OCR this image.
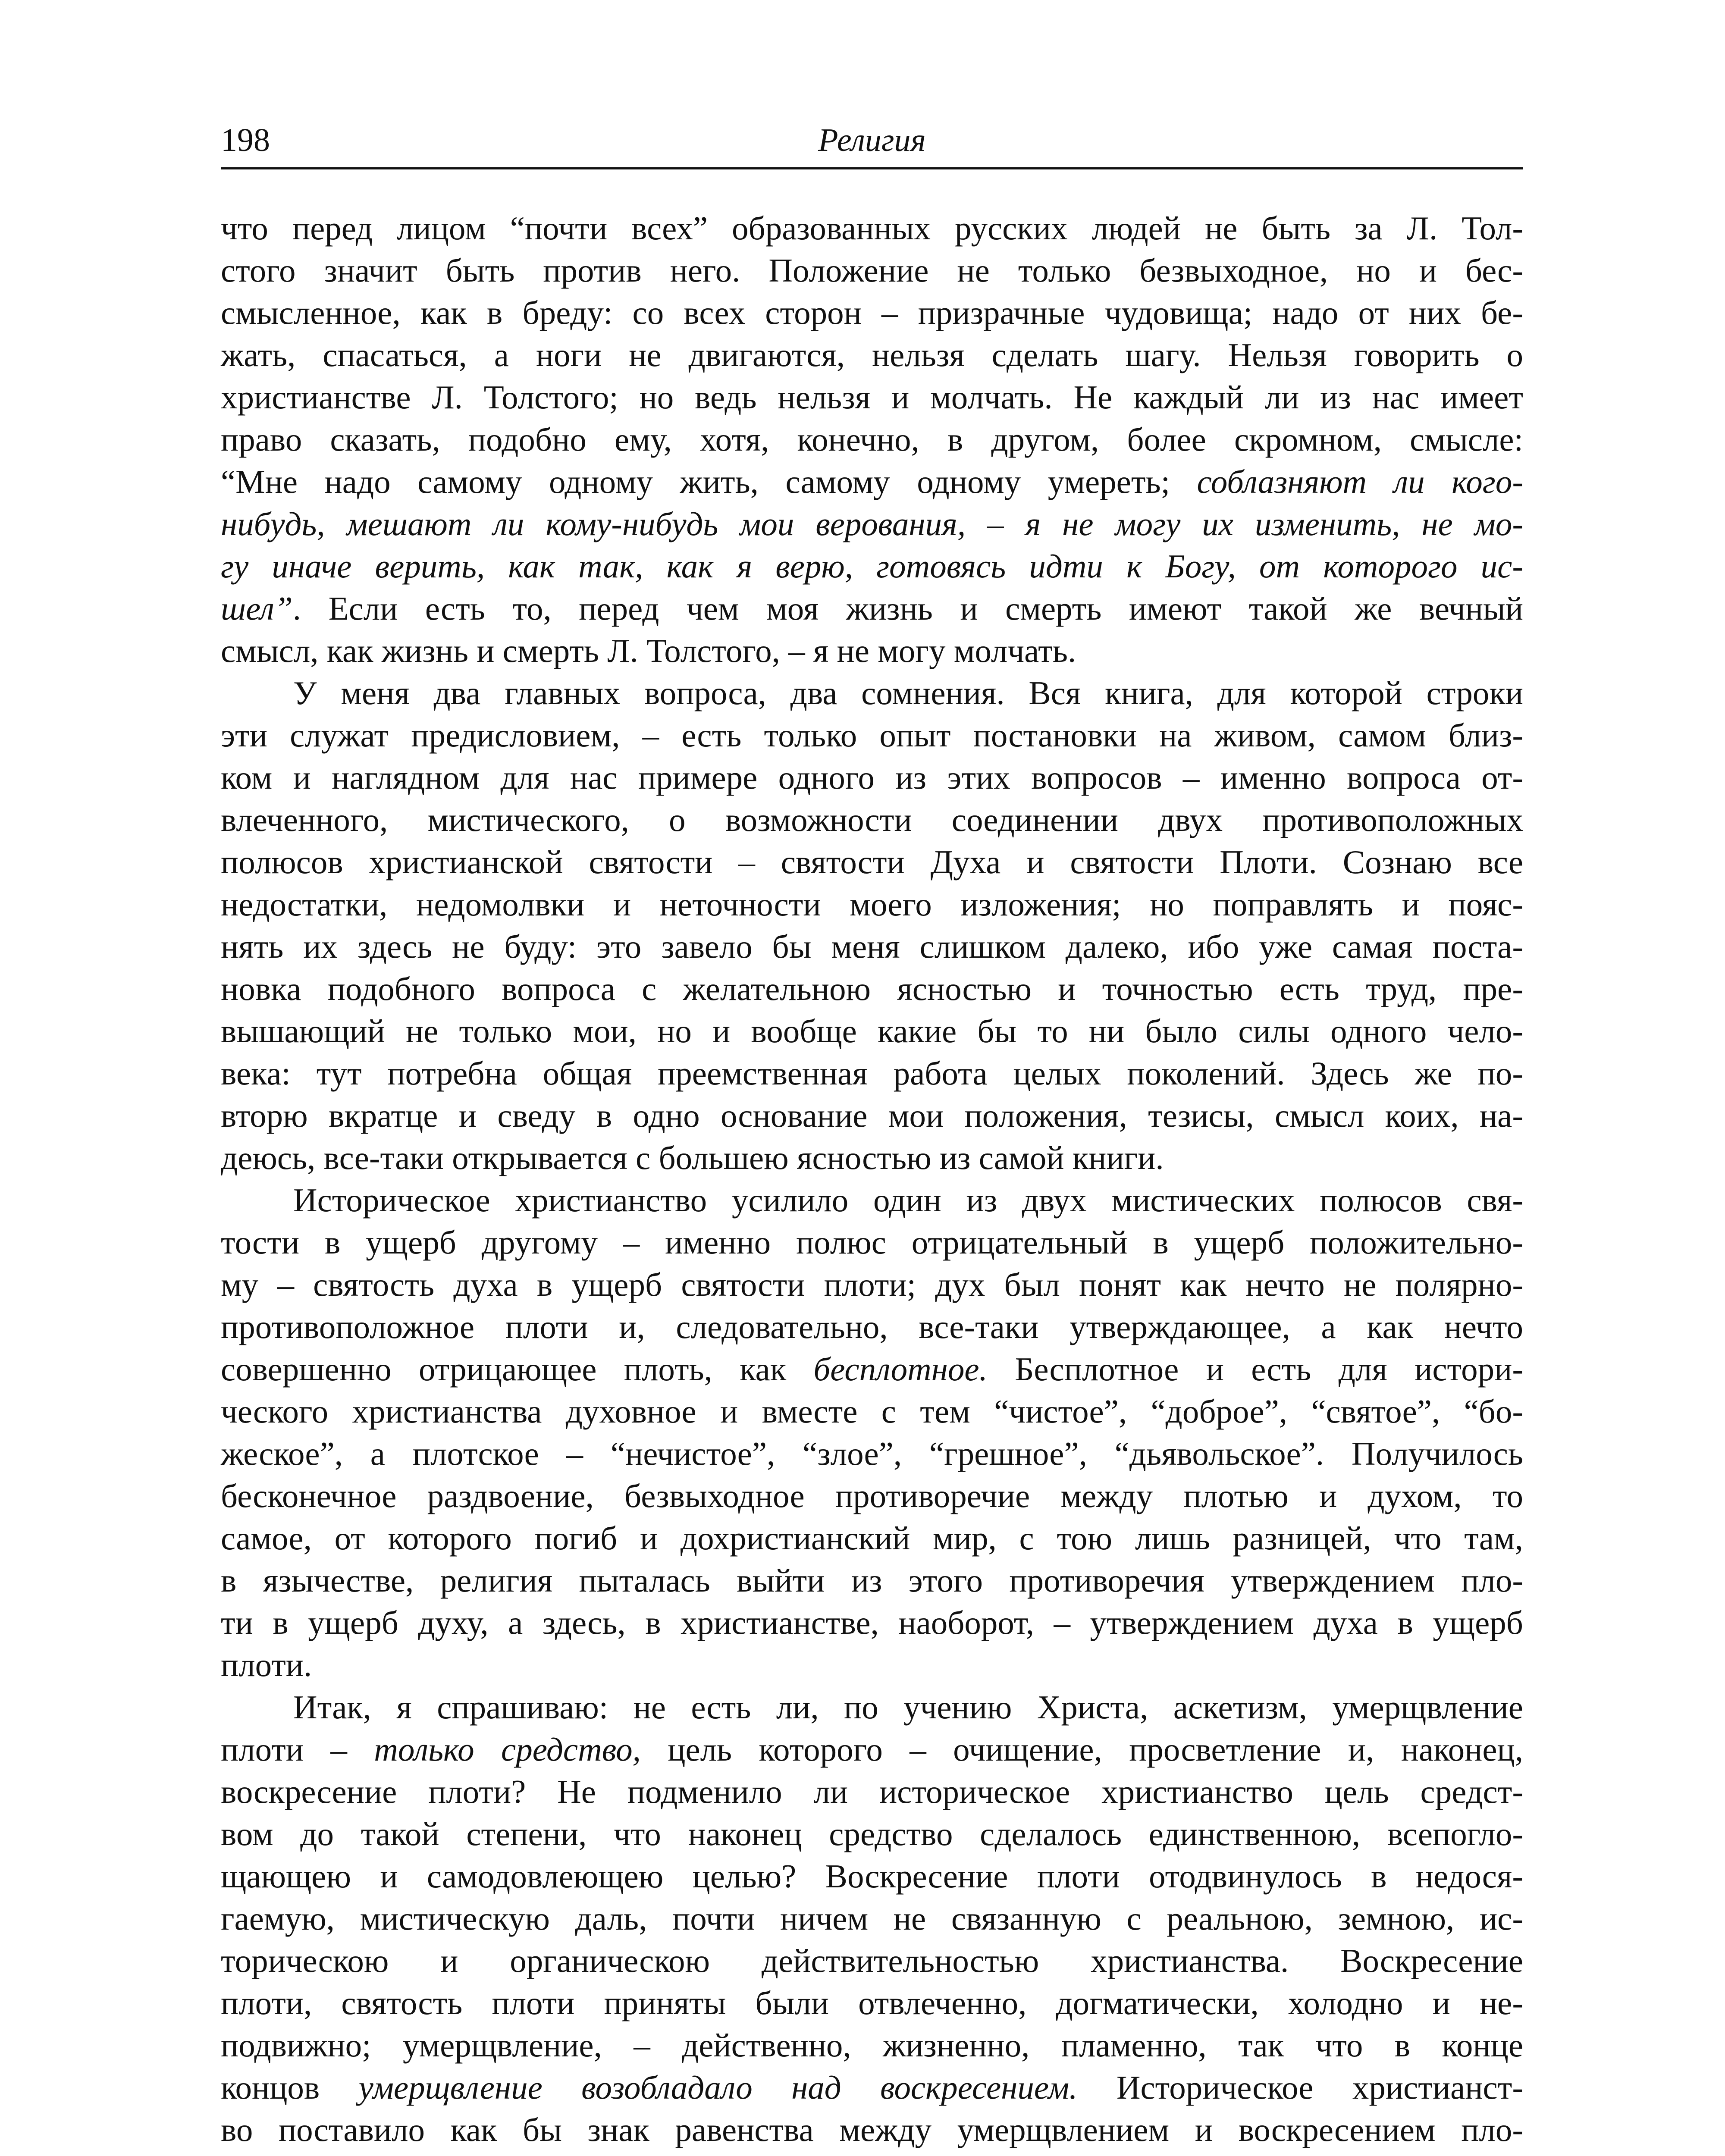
198	Религия
что перед лицом “почти всех” образованных русских людей не быть за Л. Тол-
стого значит быть против него. Положение не только безвыходное, но и бес-
смысленное, как в бреду: со всех сторон – призрачные чудовища; надо от них бе-
жать, спасаться, а ноги не двигаются, нельзя сделать шагу. Нельзя говорить о
христианстве Л. Толстого; но ведь нельзя и молчать. Не каждый ли из нас имеет
право сказать, подобно ему, хотя, конечно, в другом, более скромном, смысле:
“Мне надо самому одному жить, самому одному умереть; соблазняют ли кого-
нибудь, мешают ли кому-нибудь мои верования, – я не могу их изменить, не мо-
гу иначе верить, как так, как я верю, готовясь идти к Богу, от которого ис-
шел”. Если есть то, перед чем моя жизнь и смерть имеют такой же вечный
смысл, как жизнь и смерть Л. Толстого, – я не могу молчать.
У меня два главных вопроса, два сомнения. Вся книга, для которой строки
эти служат предисловием, – есть только опыт постановки на живом, самом близ-
ком и наглядном для нас примере одного из этих вопросов – именно вопроса от-
влеченного, мистического, о возможности соединении двух противоположных
полюсов христианской святости – святости Духа и святости Плоти. Сознаю все
недостатки, недомолвки и неточности моего изложения; но поправлять и пояс-
нять их здесь не буду: это завело бы меня слишком далеко, ибо уже самая поста-
новка подобного вопроса с желательною ясностью и точностью есть труд, пре-
вышающий не только мои, но и вообще какие бы то ни было силы одного чело-
века: тут потребна общая преемственная работа целых поколений. Здесь же по-
вторю вкратце и сведу в одно основание мои положения, тезисы, смысл коих, на-
деюсь, все-таки открывается с большею ясностью из самой книги.
Историческое христианство усилило один из двух мистических полюсов свя-
тости в ущерб другому – именно полюс отрицательный в ущерб положительно-
му – святость духа в ущерб святости плоти; дух был понят как нечто не полярно-
противоположное плоти и, следовательно, все-таки утверждающее, а как нечто
совершенно отрицающее плоть, как бесплотное. Бесплотное и есть для истори-
ческого христианства духовное и вместе с тем “чистое”, “доброе”, “святое”, “бо-
жеское”, а плотское – “нечистое”, “злое”, “грешное”, “дьявольское”. Получилось
бесконечное раздвоение, безвыходное противоречие между плотью и духом, то
самое, от которого погиб и дохристианский мир, с тою лишь разницей, что там,
в язычестве, религия пыталась выйти из этого противоречия утверждением пло-
ти в ущерб духу, а здесь, в христианстве, наоборот, – утверждением духа в ущерб
плоти.
Итак, я спрашиваю: не есть ли, по учению Христа, аскетизм, умерщвление
плоти – только средство, цель которого – очищение, просветление и, наконец,
воскресение плоти? Не подменило ли историческое христианство цель средст-
вом до такой степени, что наконец средство сделалось единственною, всепогло-
щающею и самодовлеющею целью? Воскресение плоти отодвинулось в недося-
гаемую, мистическую даль, почти ничем не связанную с реальною, земною, ис-
торическою и органическою действительностью христианства. Воскресение
плоти, святость плоти приняты были отвлеченно, догматически, холодно и не-
подвижно; умерщвление, – действенно, жизненно, пламенно, так что в конце
концов умерщвление возобладало над воскресением. Историческое христианст-
во поставило как бы знак равенства между умерщвлением и воскресением пло-
